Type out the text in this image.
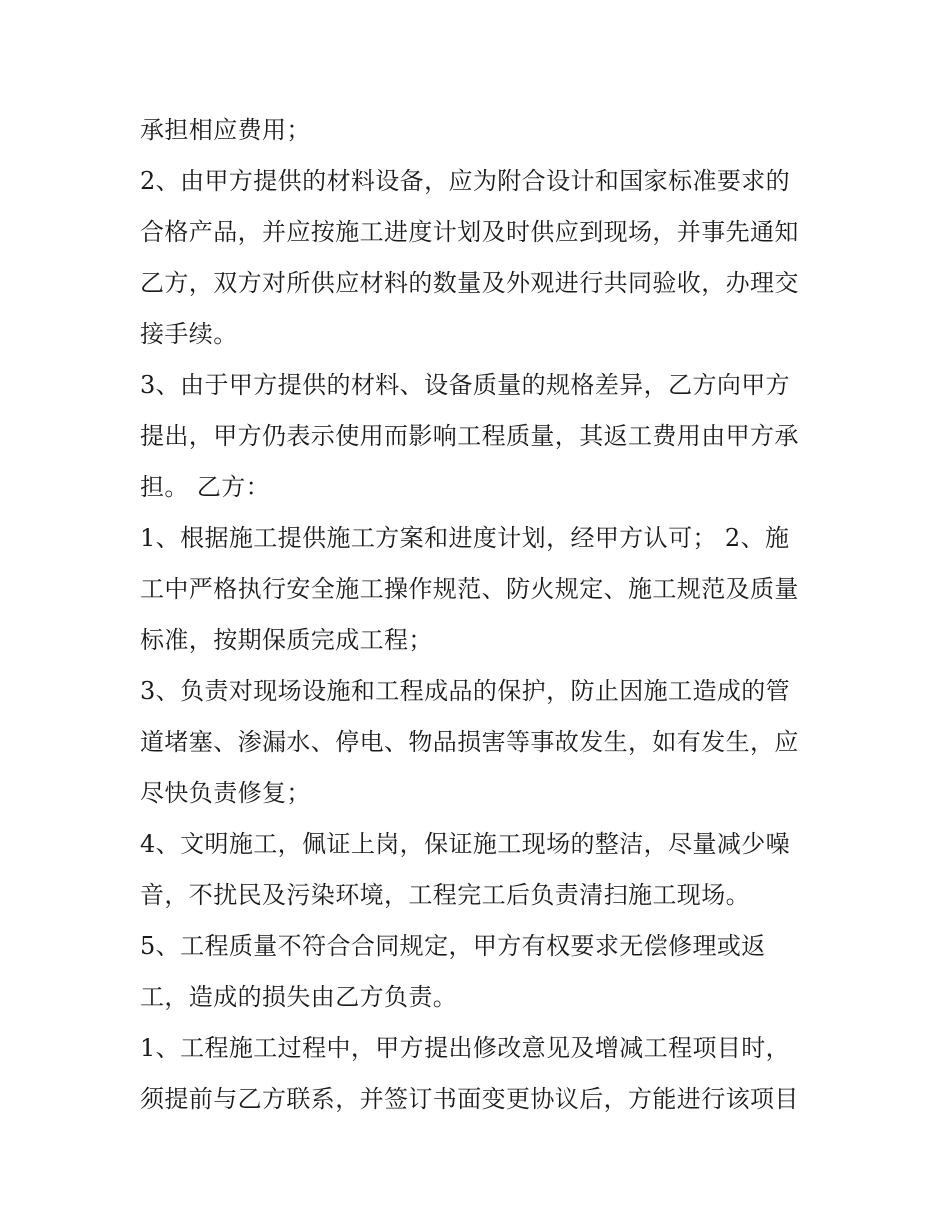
承担相应费用；
2、由甲方提供的材料设备，应为附合设计和国家标准要求的
合格产品，并应按施工进度计划及时供应到现场，并事先通知
乙方，双方对所供应材料的数量及外观进行共同验收，办理交
接手续。
3、由于甲方提供的材料、设备质量的规格差异，乙方向甲方
提出，甲方仍表示使用而影响工程质量，其返工费用由甲方承
担。 乙方：
1、根据施工提供施工方案和进度计划，经甲方认可； 2、施
工中严格执行安全施工操作规范、防火规定、施工规范及质量
标准，按期保质完成工程；
3、负责对现场设施和工程成品的保护，防止因施工造成的管
道堵塞、渗漏水、停电、物品损害等事故发生，如有发生，应
尽快负责修复；
4、文明施工，佩证上岗，保证施工现场的整洁，尽量减少噪
音，不扰民及污染环境，工程完工后负责清扫施工现场。
5、工程质量不符合合同规定，甲方有权要求无偿修理或返
工，造成的损失由乙方负责。
1、工程施工过程中，甲方提出修改意见及增减工程项目时，
须提前与乙方联系，并签订书面变更协议后，方能进行该项目
